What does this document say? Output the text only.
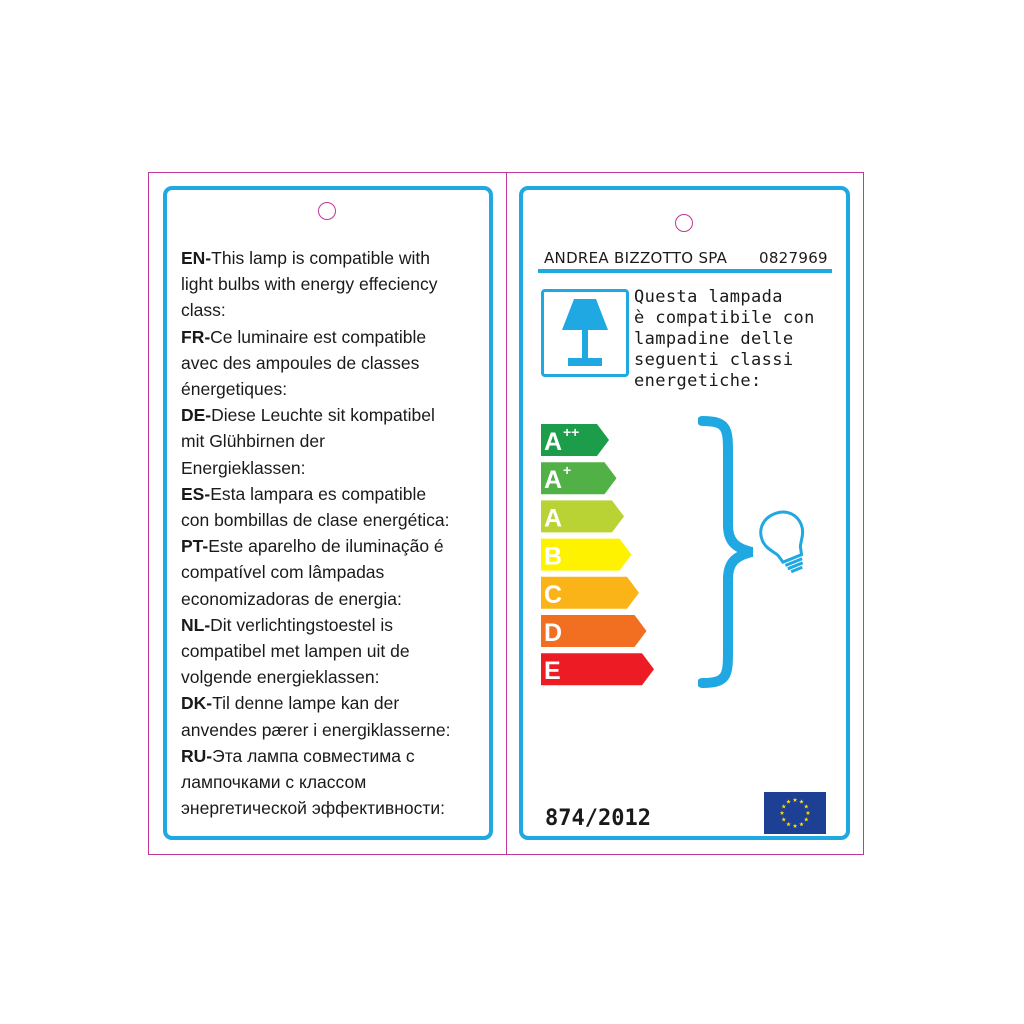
EN-This lamp is compatible with
light bulbs with energy effeciency
class:
FR-Ce luminaire est compatible
avec des ampoules de classes
énergetiques:
DE-Diese Leuchte sit kompatibel
mit Glühbirnen der
Energieklassen:
ES-Esta lampara es compatible
con bombillas de clase energética:
PT-Este aparelho de iluminação é
compatível com lâmpadas
economizadoras de energia:
NL-Dit verlichtingstoestel is
compatibel met lampen uit de
volgende energieklassen:
DK-Til denne lampe kan der
anvendes pærer i energiklasserne:
RU-Эта лампа совместима с
лампочками с классом
энергетической эффективности:
ANDREA BIZZOTTO SPA 0827969
Questa lampada
è compatibile con
lampadine delle
seguenti classi
energetiche:
A ++
A +
A
B
C
D
E
874/2012
